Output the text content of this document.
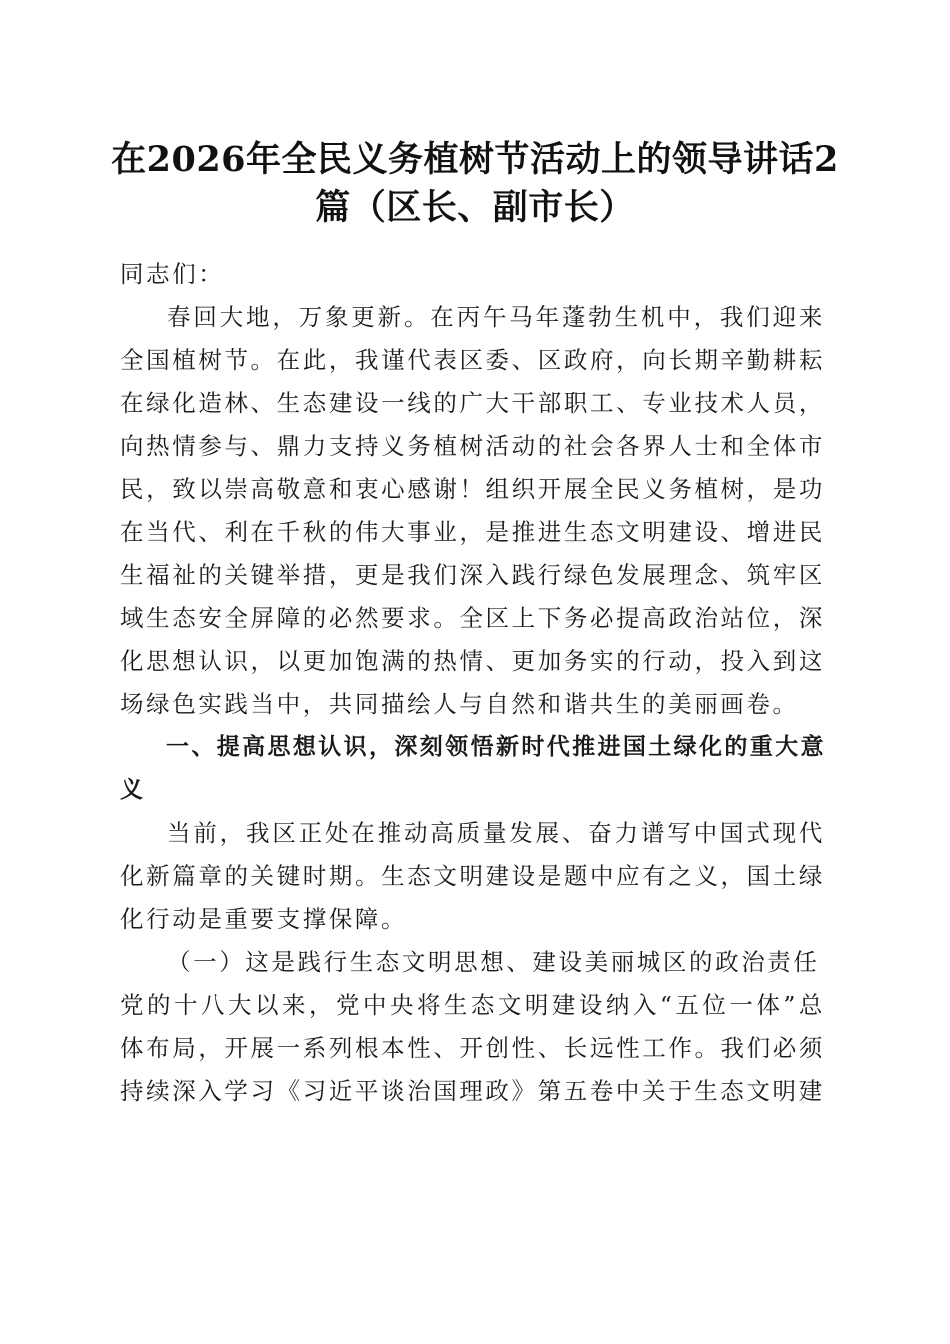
在2026年全民义务植树节活动上的领导讲话2篇（区长、副市长）

同志们：

春回大地，万象更新。在丙午马年蓬勃生机中，我们迎来全国植树节。在此，我谨代表区委、区政府，向长期辛勤耕耘在绿化造林、生态建设一线的广大干部职工、专业技术人员，向热情参与、鼎力支持义务植树活动的社会各界人士和全体市民，致以崇高敬意和衷心感谢！组织开展全民义务植树，是功在当代、利在千秋的伟大事业，是推进生态文明建设、增进民生福祉的关键举措，更是我们深入践行绿色发展理念、筑牢区域生态安全屏障的必然要求。全区上下务必提高政治站位，深化思想认识，以更加饱满的热情、更加务实的行动，投入到这场绿色实践当中，共同描绘人与自然和谐共生的美丽画卷。

一、提高思想认识，深刻领悟新时代推进国土绿化的重大意义

当前，我区正处在推动高质量发展、奋力谱写中国式现代化新篇章的关键时期。生态文明建设是题中应有之义，国土绿化行动是重要支撑保障。

（一）这是践行生态文明思想、建设美丽城区的政治责任

党的十八大以来，党中央将生态文明建设纳入“五位一体”总体布局，开展一系列根本性、开创性、长远性工作。我们必须持续深入学习《习近平谈治国理政》第五卷中关于生态文明建
